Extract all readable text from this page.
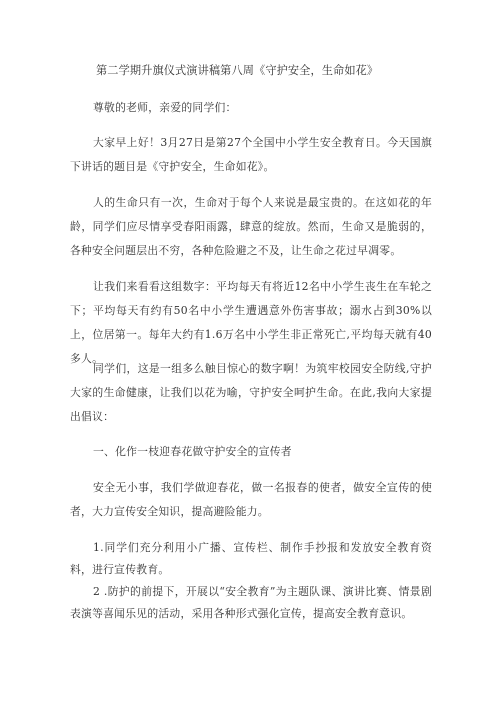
第二学期升旗仪式演讲稿第八周《守护安全，生命如花》

尊敬的老师，亲爱的同学们：

大家早上好！3月27日是第27个全国中小学生安全教育日。今天国旗下讲话的题目是《守护安全，生命如花》。

人的生命只有一次，生命对于每个人来说是最宝贵的。在这如花的年龄，同学们应尽情享受春阳雨露，肆意的绽放。然而，生命又是脆弱的，各种安全问题层出不穷，各种危险避之不及，让生命之花过早凋零。

让我们来看看这组数字：平均每天有将近12名中小学生丧生在车轮之下；平均每天有约有50名中小学生遭遇意外伤害事故；溺水占到30%以上，位居第一。每年大约有1.6万名中小学生非正常死亡,平均每天就有40多人。

同学们，这是一组多么触目惊心的数字啊！为筑牢校园安全防线,守护大家的生命健康，让我们以花为喻，守护安全呵护生命。在此,我向大家提出倡议：

一、化作一枝迎春花做守护安全的宣传者

安全无小事，我们学做迎春花，做一名报春的使者，做安全宣传的使者，大力宣传安全知识，提高避险能力。

1.同学们充分利用小广播、宣传栏、制作手抄报和发放安全教育资料，进行宣传教育。

2 .防护的前提下，开展以“安全教育”为主题队课、演讲比赛、情景剧表演等喜闻乐见的活动，采用各种形式强化宣传，提高安全教育意识。
